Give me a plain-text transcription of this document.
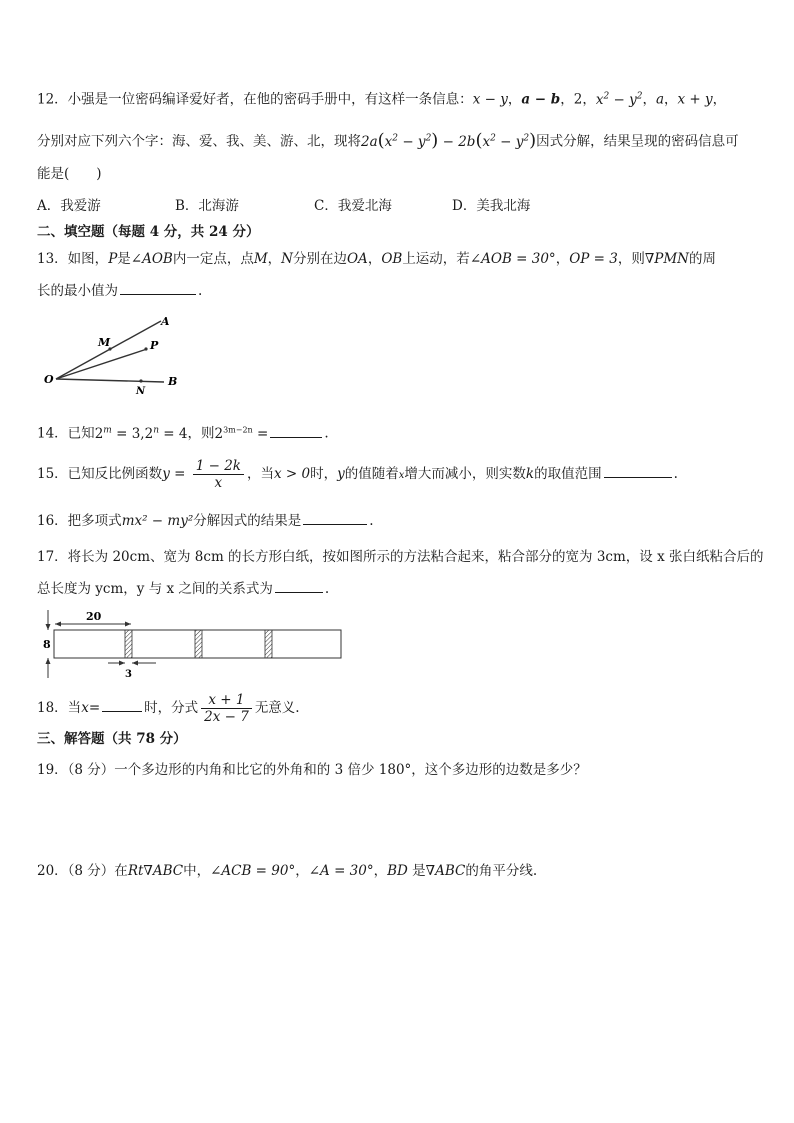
12．小强是一位密码编译爱好者，在他的密码手册中，有这样一条信息：x − y，a − b，2，$x^2 - y^2$，a，x + y，
分别对应下列六个字：海、爱、我、美、游、北，现将$2a(x^2 - y^2) - 2b(x^2 - y^2)$因式分解，结果呈现的密码信息可
能是(　　)
A．我爱游	B．北海游	C．我爱北海	D．美我北海
二、填空题（每题 4 分，共 24 分）
13．如图，P是∠AOB内一定点，点M，N分别在边OA，OB上运动，若∠AOB = 30°，OP = 3，则∇PMN的周
长的最小值为	.
A
M	P
O
N
B
14．已知$2^m = 3,2^n = 4$，则$2^{3m-2n}$ =	.
15．已知反比例函数$y = \frac{1 - 2k}{x}$ ，当x > 0时，y的值随着x增大而减小，则实数k的取值范围	.
16．把多项式mx² − my²分解因式的结果是	.
17．将长为 20cm、宽为 8cm 的长方形白纸，按如图所示的方法粘合起来，粘合部分的宽为 3cm，设 x 张白纸粘合后的
总长度为 ycm，y 与 x 之间的关系式为	.
20
8
3
18．当x=	时，分式 $\frac{x + 1}{2x - 7}$ 无意义.
三、解答题（共 78 分）
19．（8 分）一个多边形的内角和比它的外角和的 3 倍少 180°，这个多边形的边数是多少？
20．（8 分）在Rt∇ABC中，∠ACB = 90°，∠A = 30°，BD 是∇ABC的角平分线.
